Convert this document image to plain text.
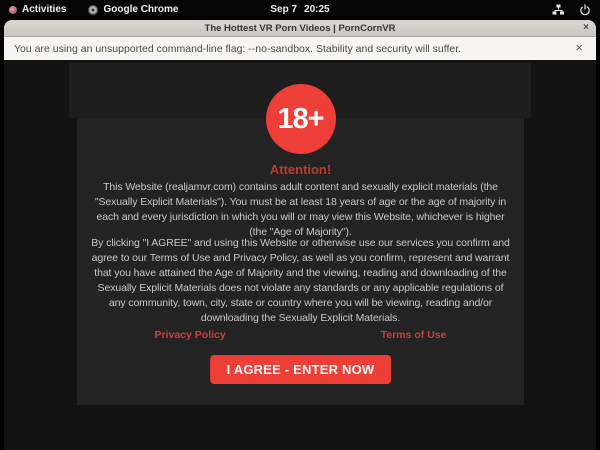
Activities	Google Chrome	Sep 7 20:25
The Hottest VR Porn Videos | PornCornVR	×
You are using an unsupported command-line flag: --no-sandbox. Stability and security will suffer.	×
18+
Attention!

This Website (realjamvr.com) contains adult content and sexually explicit materials (the "Sexually Explicit Materials"). You must be at least 18 years of age or the age of majority in each and every jurisdiction in which you will or may view this Website, whichever is higher (the "Age of Majority").

By clicking "I AGREE" and using this Website or otherwise use our services you confirm and agree to our Terms of Use and Privacy Policy, as well as you confirm, represent and warrant that you have attained the Age of Majority and the viewing, reading and downloading of the Sexually Explicit Materials does not violate any standards or any applicable regulations of any community, town, city, state or country where you will be viewing, reading and/or downloading the Sexually Explicit Materials.

Privacy Policy	Terms of Use
I AGREE - ENTER NOW
